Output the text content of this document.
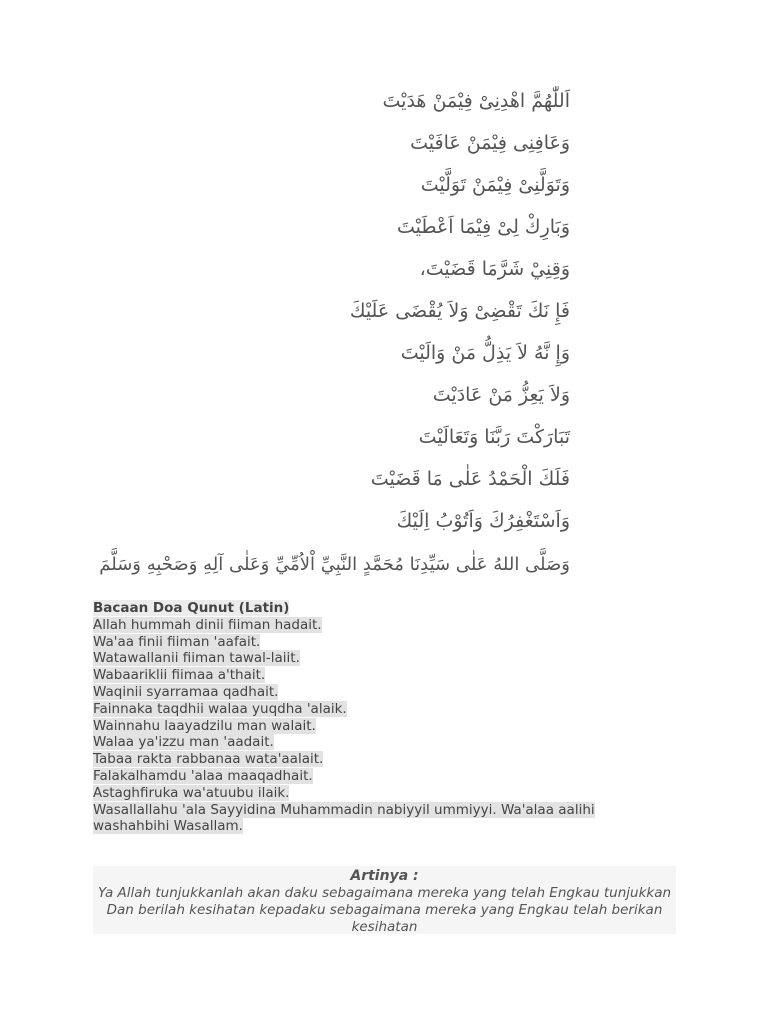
اَللّٰهُمَّ اهْدِنِىْ فِيْمَنْ هَدَيْتَ
وَعَافِنِى فِيْمَنْ عَافَيْتَ
وَتَوَلَّنِىْ فِيْمَنْ تَوَلَّيْتَ
وَبَارِكْ لِىْ فِيْمَا اَعْطَيْتَ
وَقِنِيْ شَرَّمَا قَضَيْتَ،
فَإِ نَكَ تَقْضِىْ وَلاَ يُقْضَى عَلَيْكَ
وَإِ نَّهُ لاَ يَذِلُّ مَنْ وَالَيْتَ
وَلاَ يَعِزُّ مَنْ عَادَيْتَ
تَبَارَكْتَ رَبَّنَا وَتَعَالَيْتَ
فَلَكَ الْحَمْدُ عَلٰى مَا قَضَيْتَ
وَاَسْتَغْفِرُكَ وَاَتُوْبُ اِلَيْكَ
وَصَلَّى اللهُ عَلٰى سَيِّدِنَا مُحَمَّدٍ النَّبِيِّ اْلاُمِّيِّ وَعَلٰى آلِهِ وَصَحْبِهِ وَسَلَّمَ
Bacaan Doa Qunut (Latin)
Allah hummah dinii fiiman hadait.
Wa'aa finii fiiman 'aafait.
Watawallanii fiiman tawal-laiit.
Wabaariklii fiimaa a'thait.
Waqinii syarramaa qadhait.
Fainnaka taqdhii walaa yuqdha 'alaik.
Wainnahu laayadzilu man walait.
Walaa ya'izzu man 'aadait.
Tabaa rakta rabbanaa wata'aalait.
Falakalhamdu 'alaa maaqadhait.
Astaghfiruka wa'atuubu ilaik.
Wasallallahu 'ala Sayyidina Muhammadin nabiyyil ummiyyi. Wa'alaa aalihi
washahbihi Wasallam.
Artinya :
Ya Allah tunjukkanlah akan daku sebagaimana mereka yang telah Engkau tunjukkan
Dan berilah kesihatan kepadaku sebagaimana mereka yang Engkau telah berikan
kesihatan
